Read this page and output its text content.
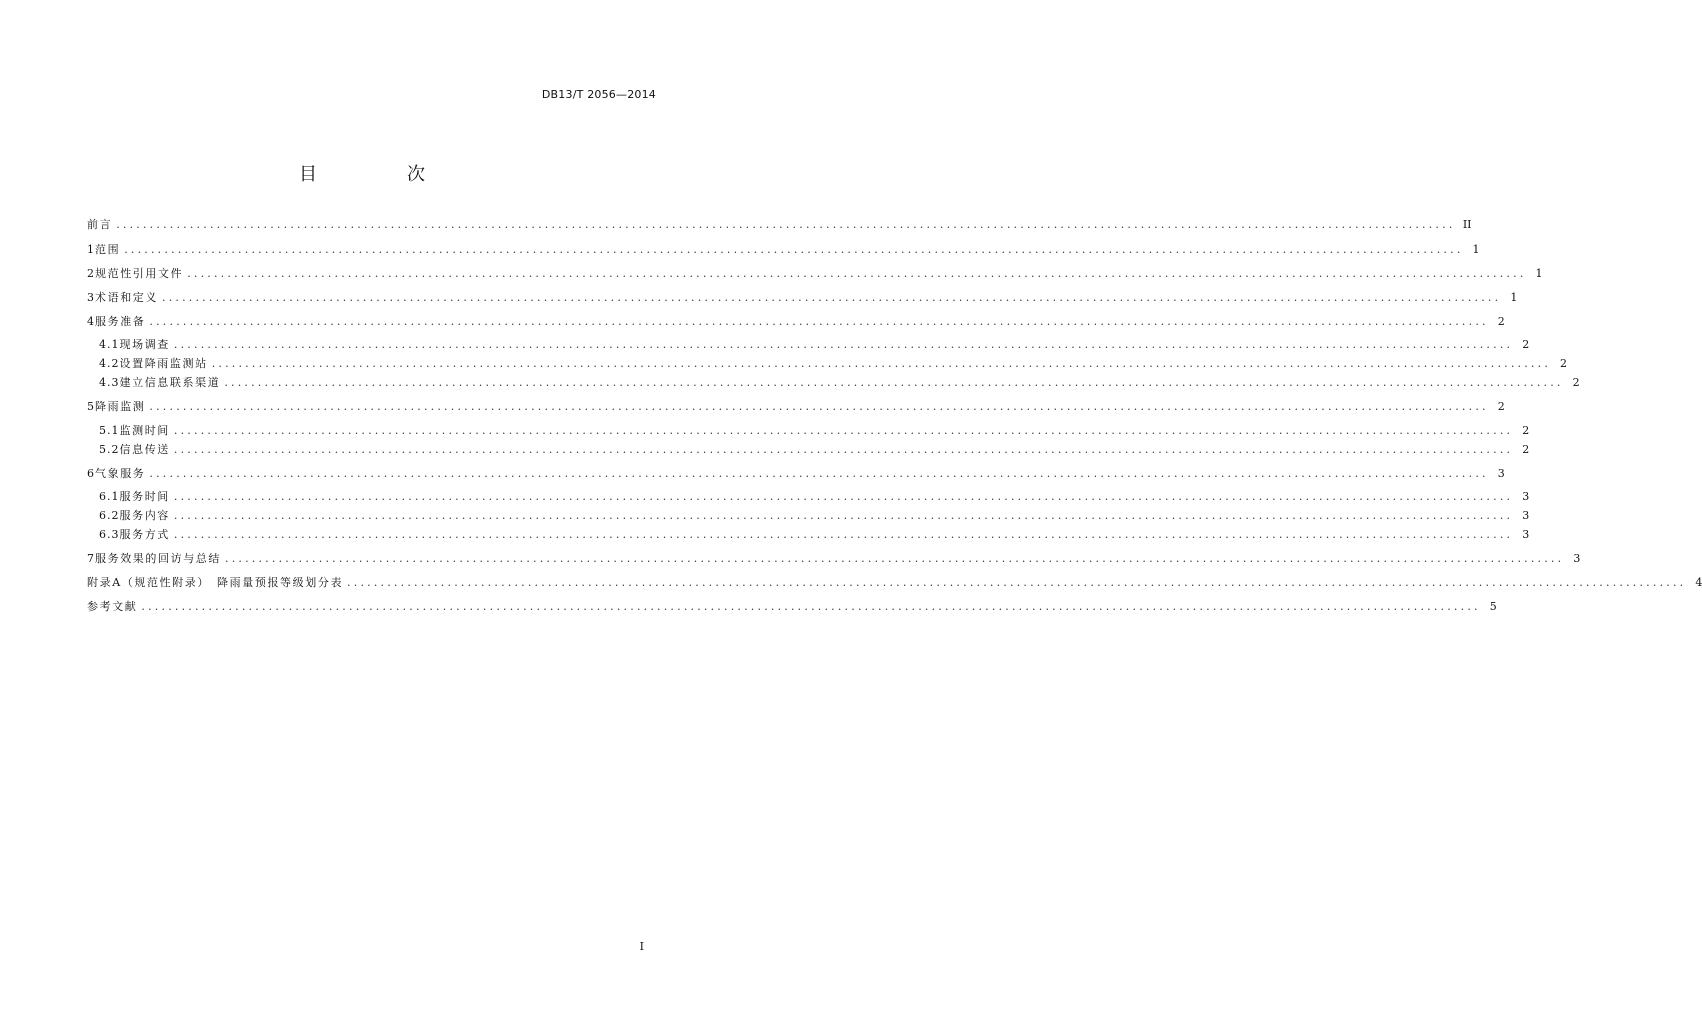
DB13/T 2056—2014
目　次
前言 ........................................................................................................................................................................................................ II
1 范围 ........................................................................................................................................................................................................ 1
2 规范性引用文件 ........................................................................................................................................................................................................ 1
3 术语和定义 ........................................................................................................................................................................................................ 1
4 服务准备 ........................................................................................................................................................................................................ 2
4.1 现场调查 ........................................................................................................................................................................................................ 2
4.2 设置降雨监测站 ........................................................................................................................................................................................................ 2
4.3 建立信息联系渠道 ........................................................................................................................................................................................................ 2
5 降雨监测 ........................................................................................................................................................................................................ 2
5.1 监测时间 ........................................................................................................................................................................................................ 2
5.2 信息传送 ........................................................................................................................................................................................................ 2
6 气象服务 ........................................................................................................................................................................................................ 3
6.1 服务时间 ........................................................................................................................................................................................................ 3
6.2 服务内容 ........................................................................................................................................................................................................ 3
6.3 服务方式 ........................................................................................................................................................................................................ 3
7 服务效果的回访与总结 ........................................................................................................................................................................................................ 3
附录A（规范性附录）　降雨量预报等级划分表 ........................................................................................................................................................................................................ 4
参考文献 ........................................................................................................................................................................................................ 5
I
